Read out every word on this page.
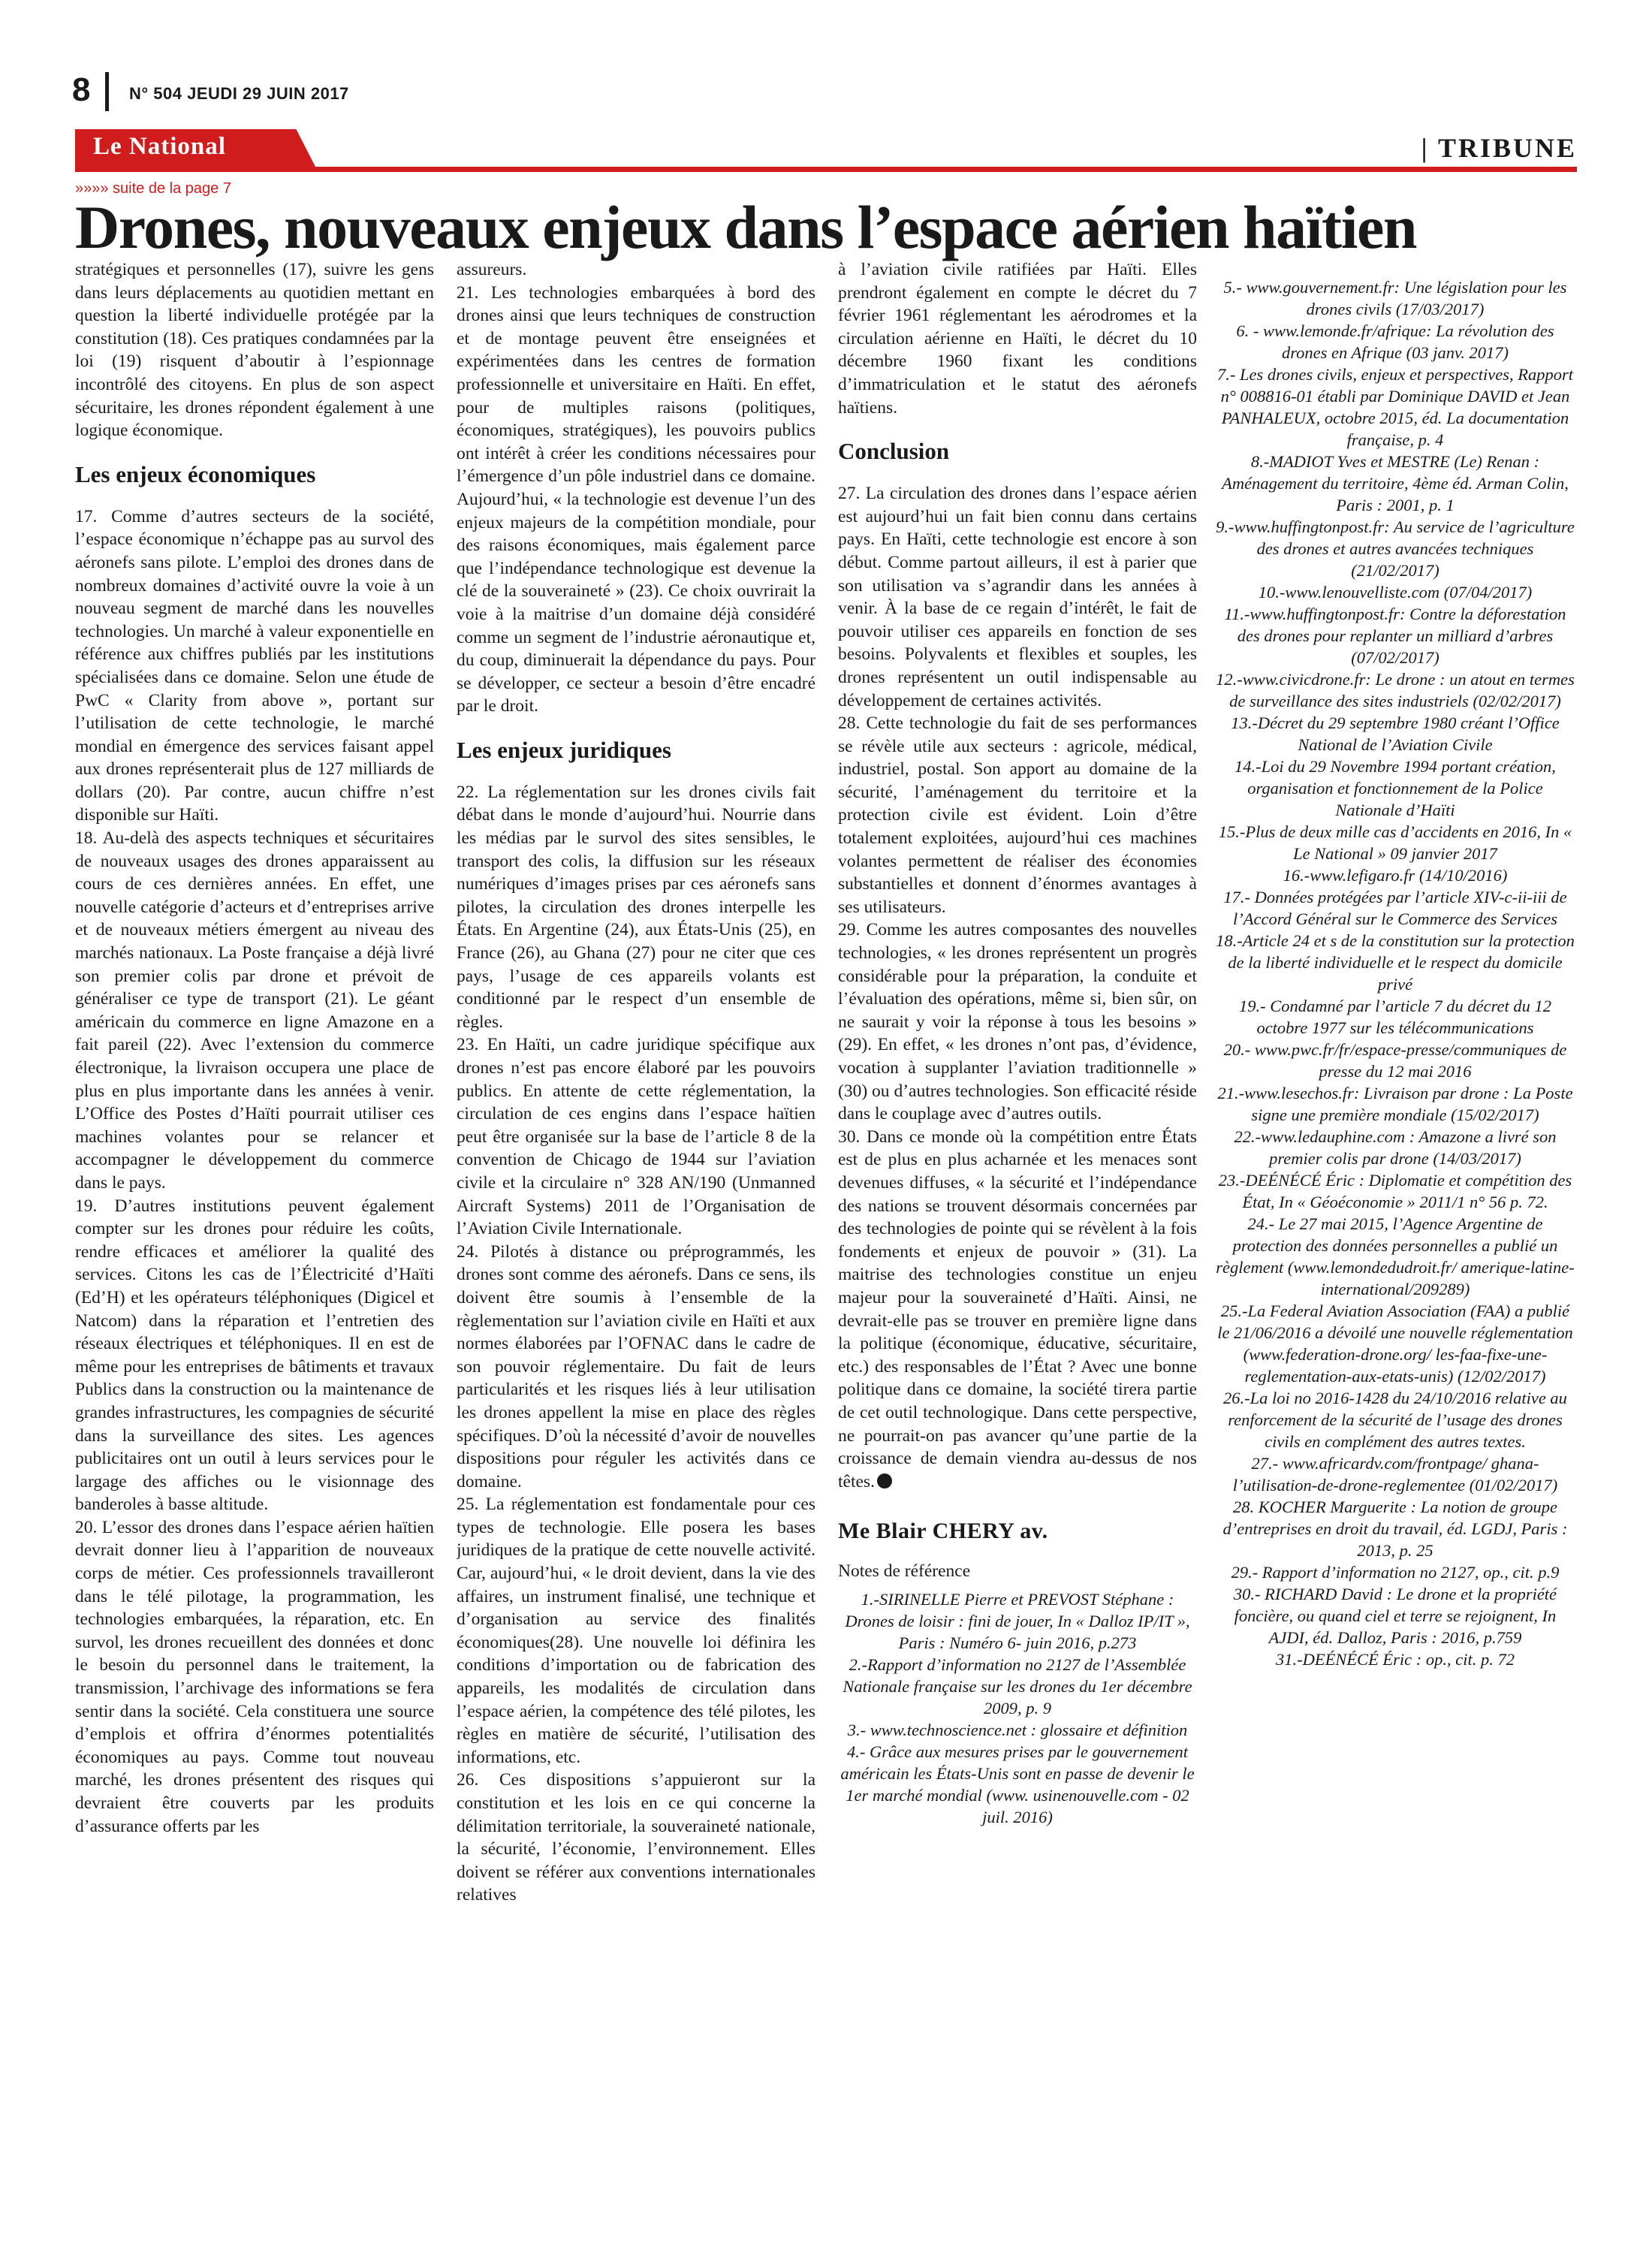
8 N° 504 JEUDI 29 JUIN 2017
Le National	| TRIBUNE
»»»» suite de la page 7
Drones, nouveaux enjeux dans l’espace aérien haïtien

stratégiques et personnelles (17), suivre les gens dans leurs déplacements au quotidien mettant en question la liberté individuelle protégée par la constitution (18). Ces pratiques condamnées par la loi (19) risquent d’aboutir à l’espionnage incontrôlé des citoyens. En plus de son aspect sécuritaire, les drones répondent également à une logique économique.

Les enjeux économiques

17. Comme d’autres secteurs de la société, l’espace économique n’échappe pas au survol des aéronefs sans pilote. L’emploi des drones dans de nombreux domaines d’activité ouvre la voie à un nouveau segment de marché dans les nouvelles technologies. Un marché à valeur exponentielle en référence aux chiffres publiés par les institutions spécialisées dans ce domaine. Selon une étude de PwC « Clarity from above », portant sur l’utilisation de cette technologie, le marché mondial en émergence des services faisant appel aux drones représenterait plus de 127 milliards de dollars (20). Par contre, aucun chiffre n’est disponible sur Haïti.

18. Au-delà des aspects techniques et sécuritaires de nouveaux usages des drones apparaissent au cours de ces dernières années. En effet, une nouvelle catégorie d’acteurs et d’entreprises arrive et de nouveaux métiers émergent au niveau des marchés nationaux. La Poste française a déjà livré son premier colis par drone et prévoit de généraliser ce type de transport (21). Le géant américain du commerce en ligne Amazone en a fait pareil (22). Avec l’extension du commerce électronique, la livraison occupera une place de plus en plus importante dans les années à venir. L’Office des Postes d’Haïti pourrait utiliser ces machines volantes pour se relancer et accompagner le développement du commerce dans le pays.

19. D’autres institutions peuvent également compter sur les drones pour réduire les coûts, rendre efficaces et améliorer la qualité des services. Citons les cas de l’Électricité d’Haïti (Ed’H) et les opérateurs téléphoniques (Digicel et Natcom) dans la réparation et l’entretien des réseaux électriques et téléphoniques. Il en est de même pour les entreprises de bâtiments et travaux Publics dans la construction ou la maintenance de grandes infrastructures, les compagnies de sécurité dans la surveillance des sites. Les agences publicitaires ont un outil à leurs services pour le largage des affiches ou le visionnage des banderoles à basse altitude.

20. L’essor des drones dans l’espace aérien haïtien devrait donner lieu à l’apparition de nouveaux corps de métier. Ces professionnels travailleront dans le télé pilotage, la programmation, les technologies embarquées, la réparation, etc. En survol, les drones recueillent des données et donc le besoin du personnel dans le traitement, la transmission, l’archivage des informations se fera sentir dans la société. Cela constituera une source d’emplois et offrira d’énormes potentialités économiques au pays. Comme tout nouveau marché, les drones présentent des risques qui devraient être couverts par les produits d’assurance offerts par les

assureurs.

21. Les technologies embarquées à bord des drones ainsi que leurs techniques de construction et de montage peuvent être enseignées et expérimentées dans les centres de formation professionnelle et universitaire en Haïti. En effet, pour de multiples raisons (politiques, économiques, stratégiques), les pouvoirs publics ont intérêt à créer les conditions nécessaires pour l’émergence d’un pôle industriel dans ce domaine. Aujourd’hui, « la technologie est devenue l’un des enjeux majeurs de la compétition mondiale, pour des raisons économiques, mais également parce que l’indépendance technologique est devenue la clé de la souveraineté » (23). Ce choix ouvrirait la voie à la maitrise d’un domaine déjà considéré comme un segment de l’industrie aéronautique et, du coup, diminuerait la dépendance du pays. Pour se développer, ce secteur a besoin d’être encadré par le droit.

Les enjeux juridiques

22. La réglementation sur les drones civils fait débat dans le monde d’aujourd’hui. Nourrie dans les médias par le survol des sites sensibles, le transport des colis, la diffusion sur les réseaux numériques d’images prises par ces aéronefs sans pilotes, la circulation des drones interpelle les États. En Argentine (24), aux États-Unis (25), en France (26), au Ghana (27) pour ne citer que ces pays, l’usage de ces appareils volants est conditionné par le respect d’un ensemble de règles.

23. En Haïti, un cadre juridique spécifique aux drones n’est pas encore élaboré par les pouvoirs publics. En attente de cette réglementation, la circulation de ces engins dans l’espace haïtien peut être organisée sur la base de l’article 8 de la convention de Chicago de 1944 sur l’aviation civile et la circulaire n° 328 AN/190 (Unmanned Aircraft Systems) 2011 de l’Organisation de l’Aviation Civile Internationale.

24. Pilotés à distance ou préprogrammés, les drones sont comme des aéronefs. Dans ce sens, ils doivent être soumis à l’ensemble de la règlementation sur l’aviation civile en Haïti et aux normes élaborées par l’OFNAC dans le cadre de son pouvoir réglementaire. Du fait de leurs particularités et les risques liés à leur utilisation les drones appellent la mise en place des règles spécifiques. D’où la nécessité d’avoir de nouvelles dispositions pour réguler les activités dans ce domaine.

25. La réglementation est fondamentale pour ces types de technologie. Elle posera les bases juridiques de la pratique de cette nouvelle activité. Car, aujourd’hui, « le droit devient, dans la vie des affaires, un instrument finalisé, une technique et d’organisation au service des finalités économiques(28). Une nouvelle loi définira les conditions d’importation ou de fabrication des appareils, les modalités de circulation dans l’espace aérien, la compétence des télé pilotes, les règles en matière de sécurité, l’utilisation des informations, etc.

26. Ces dispositions s’appuieront sur la constitution et les lois en ce qui concerne la délimitation territoriale, la souveraineté nationale, la sécurité, l’économie, l’environnement. Elles doivent se référer aux conventions internationales relatives

à l’aviation civile ratifiées par Haïti. Elles prendront également en compte le décret du 7 février 1961 réglementant les aérodromes et la circulation aérienne en Haïti, le décret du 10 décembre 1960 fixant les conditions d’immatriculation et le statut des aéronefs haïtiens.

Conclusion

27. La circulation des drones dans l’espace aérien est aujourd’hui un fait bien connu dans certains pays. En Haïti, cette technologie est encore à son début. Comme partout ailleurs, il est à parier que son utilisation va s’agrandir dans les années à venir. À la base de ce regain d’intérêt, le fait de pouvoir utiliser ces appareils en fonction de ses besoins. Polyvalents et flexibles et souples, les drones représentent un outil indispensable au développement de certaines activités.

28. Cette technologie du fait de ses performances se révèle utile aux secteurs : agricole, médical, industriel, postal. Son apport au domaine de la sécurité, l’aménagement du territoire et la protection civile est évident. Loin d’être totalement exploitées, aujourd’hui ces machines volantes permettent de réaliser des économies substantielles et donnent d’énormes avantages à ses utilisateurs.

29. Comme les autres composantes des nouvelles technologies, « les drones représentent un progrès considérable pour la préparation, la conduite et l’évaluation des opérations, même si, bien sûr, on ne saurait y voir la réponse à tous les besoins » (29). En effet, « les drones n’ont pas, d’évidence, vocation à supplanter l’aviation traditionnelle » (30) ou d’autres technologies. Son efficacité réside dans le couplage avec d’autres outils.

30. Dans ce monde où la compétition entre États est de plus en plus acharnée et les menaces sont devenues diffuses, « la sécurité et l’indépendance des nations se trouvent désormais concernées par des technologies de pointe qui se révèlent à la fois fondements et enjeux de pouvoir » (31). La maitrise des technologies constitue un enjeu majeur pour la souveraineté d’Haïti. Ainsi, ne devrait-elle pas se trouver en première ligne dans la politique (économique, éducative, sécuritaire, etc.) des responsables de l’État ? Avec une bonne politique dans ce domaine, la société tirera partie de cet outil technologique. Dans cette perspective, ne pourrait-on pas avancer qu’une partie de la croissance de demain viendra au-dessus de nos têtes.

Me Blair CHERY av.

Notes de référence

1.-SIRINELLE Pierre et PREVOST Stéphane : Drones de loisir : fini de jouer, In « Dalloz IP/IT », Paris : Numéro 6- juin 2016, p.273

2.-Rapport d’information no 2127 de l’Assemblée Nationale française sur les drones du 1er décembre 2009, p. 9

3.- www.technoscience.net : glossaire et définition

4.- Grâce aux mesures prises par le gouvernement américain les États-Unis sont en passe de devenir le 1er marché mondial (www. usinenouvelle.com - 02 juil. 2016)

5.- www.gouvernement.fr: Une législation pour les drones civils (17/03/2017)

6. - www.lemonde.fr/afrique: La révolution des drones en Afrique (03 janv. 2017)

7.- Les drones civils, enjeux et perspectives, Rapport n° 008816-01 établi par Dominique DAVID et Jean PANHALEUX, octobre 2015, éd. La documentation française, p. 4

8.-MADIOT Yves et MESTRE (Le) Renan : Aménagement du territoire, 4ème éd. Arman Colin, Paris : 2001, p. 1

9.-www.huffingtonpost.fr: Au service de l’agriculture des drones et autres avancées techniques (21/02/2017)

10.-www.lenouvelliste.com (07/04/2017)

11.-www.huffingtonpost.fr: Contre la déforestation des drones pour replanter un milliard d’arbres (07/02/2017)

12.-www.civicdrone.fr: Le drone : un atout en termes de surveillance des sites industriels (02/02/2017)

13.-Décret du 29 septembre 1980 créant l’Office National de l’Aviation Civile

14.-Loi du 29 Novembre 1994 portant création, organisation et fonctionnement de la Police Nationale d’Haïti

15.-Plus de deux mille cas d’accidents en 2016, In « Le National » 09 janvier 2017

16.-www.lefigaro.fr (14/10/2016)

17.- Données protégées par l’article XIV-c-ii-iii de l’Accord Général sur le Commerce des Services

18.-Article 24 et s de la constitution sur la protection de la liberté individuelle et le respect du domicile privé

19.- Condamné par l’article 7 du décret du 12 octobre 1977 sur les télécommunications

20.- www.pwc.fr/fr/espace-presse/communiques de presse du 12 mai 2016

21.-www.lesechos.fr: Livraison par drone : La Poste signe une première mondiale (15/02/2017)

22.-www.ledauphine.com : Amazone a livré son premier colis par drone (14/03/2017)

23.-DEÉNÉCÉ Éric : Diplomatie et compétition des État, In « Géoéconomie » 2011/1 n° 56 p. 72.

24.- Le 27 mai 2015, l’Agence Argentine de protection des données personnelles a publié un règlement (www.lemondedudroit.fr/ amerique-latine-international/209289)

25.-La Federal Aviation Association (FAA) a publié le 21/06/2016 a dévoilé une nouvelle réglementation (www.federation-drone.org/ les-faa-fixe-une-reglementation-aux-etats-unis) (12/02/2017)

26.-La loi no 2016-1428 du 24/10/2016 relative au renforcement de la sécurité de l’usage des drones civils en complément des autres textes.

27.- www.africardv.com/frontpage/ ghana-l’utilisation-de-drone-reglementee (01/02/2017)

28. KOCHER Marguerite : La notion de groupe d’entreprises en droit du travail, éd. LGDJ, Paris : 2013, p. 25

29.- Rapport d’information no 2127, op., cit. p.9

30.- RICHARD David : Le drone et la propriété foncière, ou quand ciel et terre se rejoignent, In AJDI, éd. Dalloz, Paris : 2016, p.759

31.-DEÉNÉCÉ Éric : op., cit. p. 72
